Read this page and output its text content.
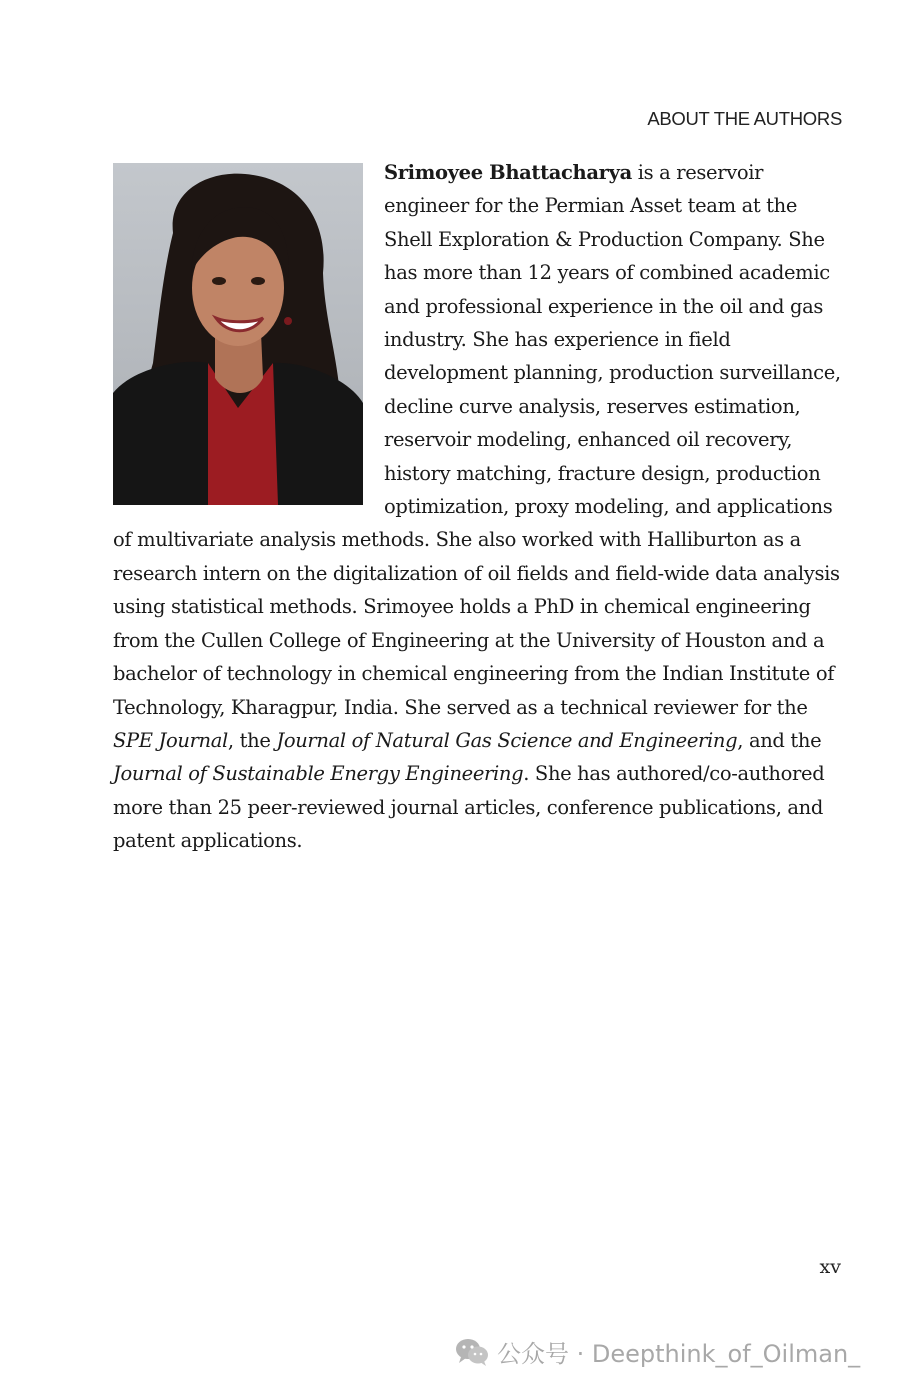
ABOUT THE AUTHORS
Srimoyee Bhattacharya is a reservoir engineer for the Permian Asset team at the Shell Exploration & Production Company. She has more than 12 years of combined academic and professional experience in the oil and gas industry. She has experience in field development planning, production surveillance, decline curve analysis, reserves estimation, reservoir modeling, enhanced oil recovery, history matching, fracture design, production optimization, proxy modeling, and applications of multivariate analysis methods. She also worked with Halliburton as a research intern on the digitalization of oil fields and field-wide data analysis using statistical methods. Srimoyee holds a PhD in chemical engineering from the Cullen College of Engineering at the University of Houston and a bachelor of technology in chemical engineering from the Indian Institute of Technology, Kharagpur, India. She served as a technical reviewer for the SPE Journal, the Journal of Natural Gas Science and Engineering, and the Journal of Sustainable Energy Engineering. She has authored/co-authored more than 25 peer-reviewed journal articles, conference publications, and patent applications.
xv
公众号 · Deepthink_of_Oilman_
